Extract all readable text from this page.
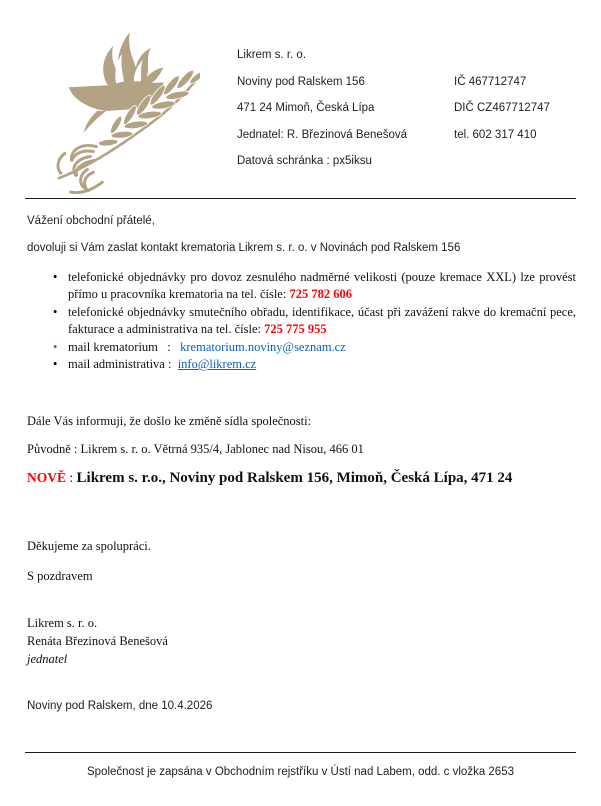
Likrem s. r. o.
Noviny pod Ralskem 156	IČ 467712747
471 24 Mimoň, Česká Lípa	DIČ CZ467712747
Jednatel: R. Březinová Benešová	tel. 602 317 410
Datová schránka : px5iksu
Vážení obchodní přátelé,
dovoluji si Vám zaslat kontakt krematoria Likrem s. r. o. v Novinách pod Ralskem 156
• telefonické objednávky pro dovoz zesnulého nadměrné velikosti (pouze kremace XXL) lze provést přímo u pracovníka krematoria na tel. čísle: 725 782 606
• telefonické objednávky smutečního obřadu, identifikace, účast při zavážení rakve do kremační pece, fakturace a administrativa na tel. čísle: 725 775 955
• mail krematorium   :   krematorium.noviny@seznam.cz
• mail administrativa :  info@likrem.cz
Dále Vás informuji, že došlo ke změně sídla společnosti:
Původně : Likrem s. r. o. Větrná 935/4, Jablonec nad Nisou, 466 01
NOVĚ : Likrem s. r.o., Noviny pod Ralskem 156, Mimoň, Česká Lípa, 471 24
Děkujeme za spolupráci.
S pozdravem
Likrem s. r. o.
Renáta Březinová Benešová
jednatel
Noviny pod Ralskem, dne 10.4.2026
Společnost je zapsána v Obchodním rejstříku v Ústí nad Labem, odd. c vložka 2653
